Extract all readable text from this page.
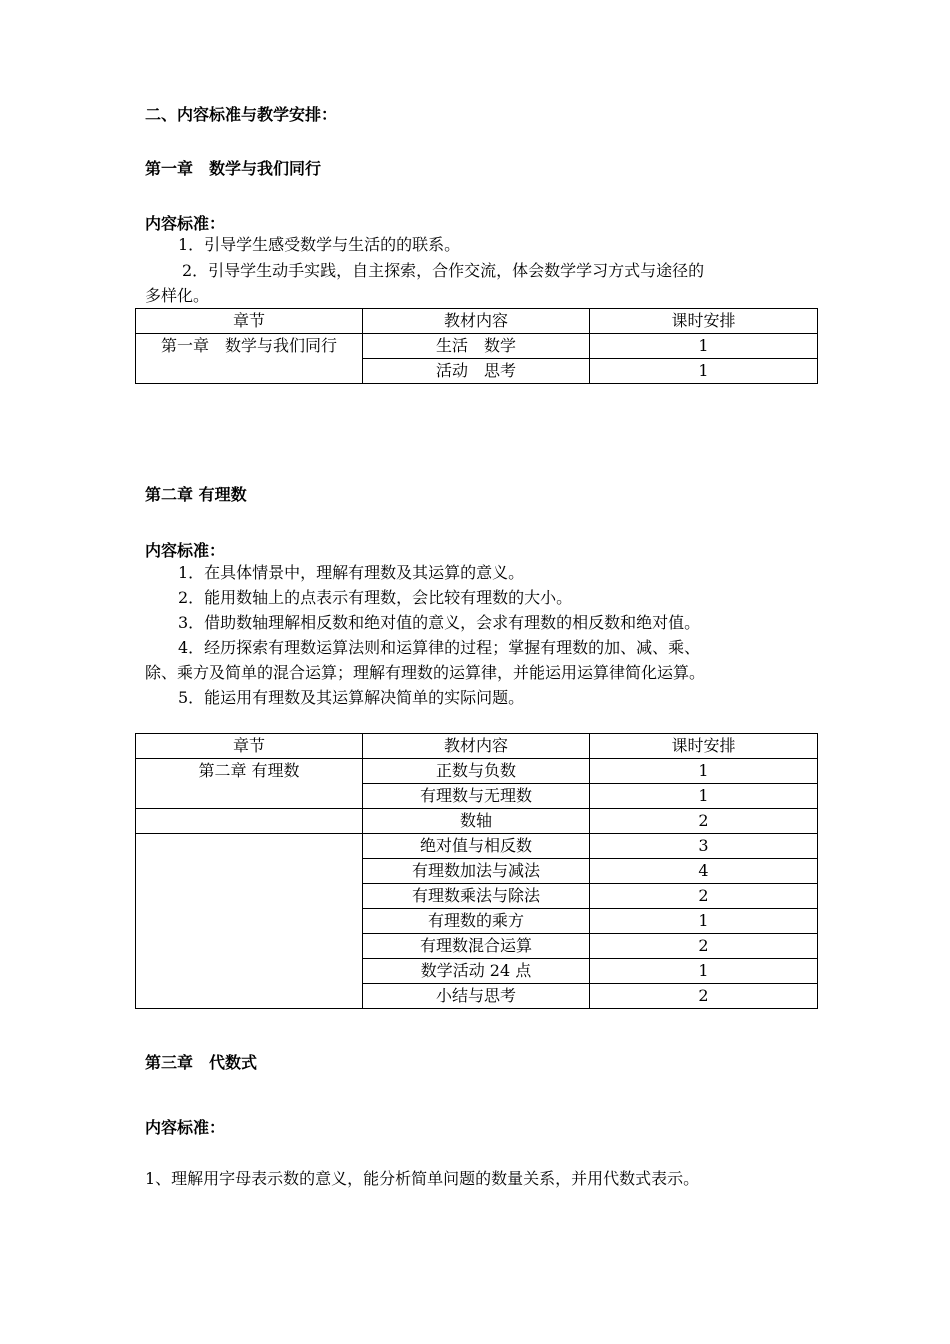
二、内容标准与教学安排：
第一章　数学与我们同行
内容标准：
1．引导学生感受数学与生活的的联系。
2．引导学生动手实践，自主探索，合作交流，体会数学学习方式与途径的
多样化。
章节	教材内容	课时安排
第一章　数学与我们同行	生活　数学	1
	活动　思考	1
第二章 有理数
内容标准：
1．在具体情景中，理解有理数及其运算的意义。
2．能用数轴上的点表示有理数，会比较有理数的大小。
3．借助数轴理解相反数和绝对值的意义，会求有理数的相反数和绝对值。
4．经历探索有理数运算法则和运算律的过程；掌握有理数的加、减、乘、
除、乘方及简单的混合运算；理解有理数的运算律，并能运用运算律简化运算。
5．能运用有理数及其运算解决简单的实际问题。
章节	教材内容	课时安排
第二章 有理数	正数与负数	1
	有理数与无理数	1
	数轴	2
	绝对值与相反数	3
	有理数加法与减法	4
	有理数乘法与除法	2
	有理数的乘方	1
	有理数混合运算	2
	数学活动 24 点	1
	小结与思考	2
第三章　代数式
内容标准：
1、理解用字母表示数的意义，能分析简单问题的数量关系，并用代数式表示。
